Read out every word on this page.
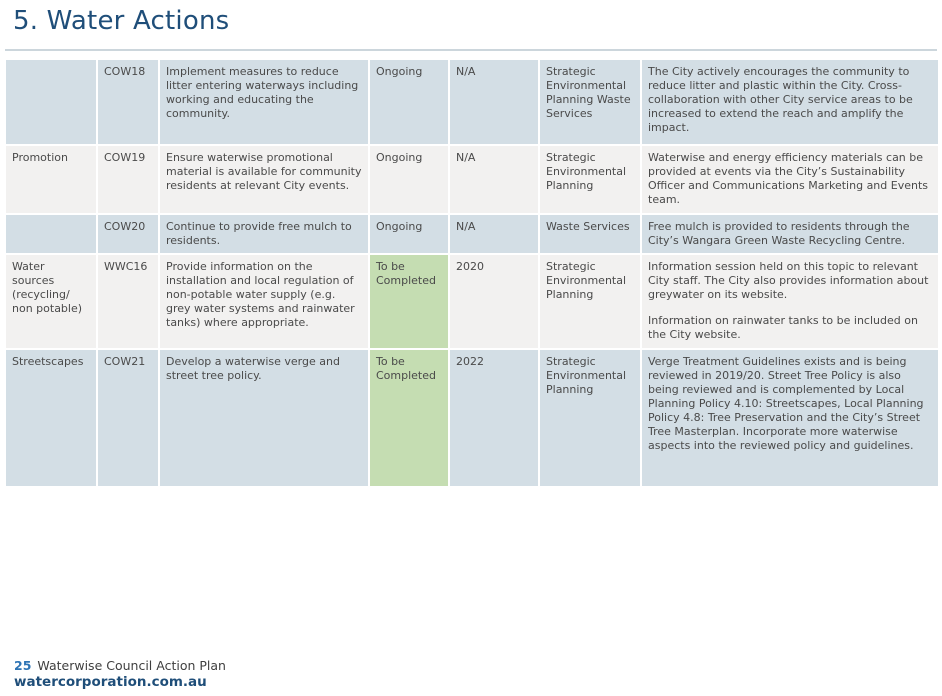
5. Water Actions
	COW18	Implement measures to reduce litter entering waterways including working and educating the community.	Ongoing	N/A	Strategic Environmental Planning Waste Services	The City actively encourages the community to reduce litter and plastic within the City. Cross-collaboration with other City service areas to be increased to extend the reach and amplify the impact.

Promotion	COW19	Ensure waterwise promotional material is available for community residents at relevant City events.	Ongoing	N/A	Strategic Environmental Planning	Waterwise and energy efficiency materials can be provided at events via the City’s Sustainability Officer and Communications Marketing and Events team.

	COW20	Continue to provide free mulch to residents.	Ongoing	N/A	Waste Services	Free mulch is provided to residents through the City’s Wangara Green Waste Recycling Centre.

Water sources (recycling/ non potable)	WWC16	Provide information on the installation and local regulation of non-potable water supply (e.g. grey water systems and rainwater tanks) where appropriate.	To be Completed	2020	Strategic Environmental Planning	Information session held on this topic to relevant City staff. The City also provides information about greywater on its website.

Information on rainwater tanks to be included on the City website.

Streetscapes	COW21	Develop a waterwise verge and street tree policy.	To be Completed	2022	Strategic Environmental Planning	Verge Treatment Guidelines exists and is being reviewed in 2019/20. Street Tree Policy is also being reviewed and is complemented by Local Planning Policy 4.10: Streetscapes, Local Planning Policy 4.8: Tree Preservation and the City’s Street Tree Masterplan. Incorporate more waterwise aspects into the reviewed policy and guidelines.

25 Waterwise Council Action Plan
watercorporation.com.au
